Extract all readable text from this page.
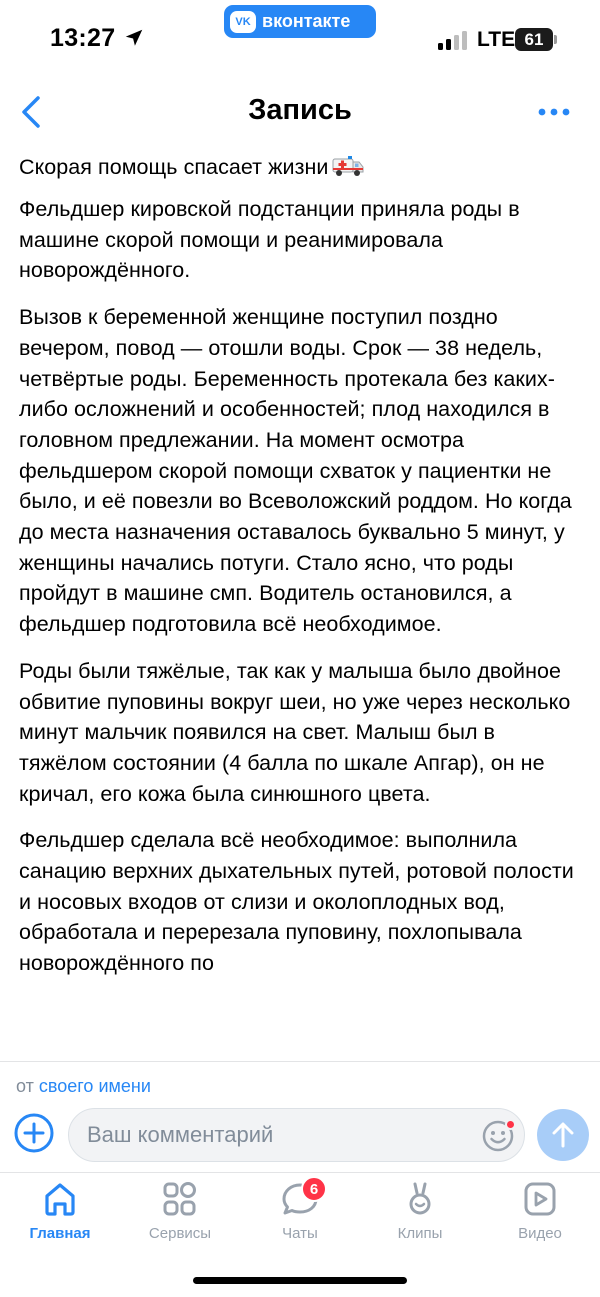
13:27
VK вконтакте
LTE 61
Запись

Скорая помощь спасает жизни

Фельдшер кировской подстанции приняла роды в машине скорой помощи и реанимировала новорождённого.

Вызов к беременной женщине поступил поздно вечером, повод — отошли воды. Срок — 38 недель, четвёртые роды. Беременность протекала без каких-либо осложнений и особенностей; плод находился в головном предлежании. На момент осмотра фельдшером скорой помощи схваток у пациентки не было, и её повезли во Всеволожский роддом. Но когда до места назначения оставалось буквально 5 минут, у женщины начались потуги. Стало ясно, что роды пройдут в машине смп. Водитель остановился, а фельдшер подготовила всё необходимое.

Роды были тяжёлые, так как у малыша было двойное обвитие пуповины вокруг шеи, но уже через несколько минут мальчик появился на свет. Малыш был в тяжёлом состоянии (4 балла по шкале Апгар), он не кричал, его кожа была синюшного цвета.

Фельдшер сделала всё необходимое: выполнила санацию верхних дыхательных путей, ротовой полости и носовых входов от слизи и околоплодных вод, обработала и перерезала пуповину, похлопывала новорождённого по

от своего имени
Ваш комментарий
Главная	Сервисы
6
Чаты	Клипы	Видео
